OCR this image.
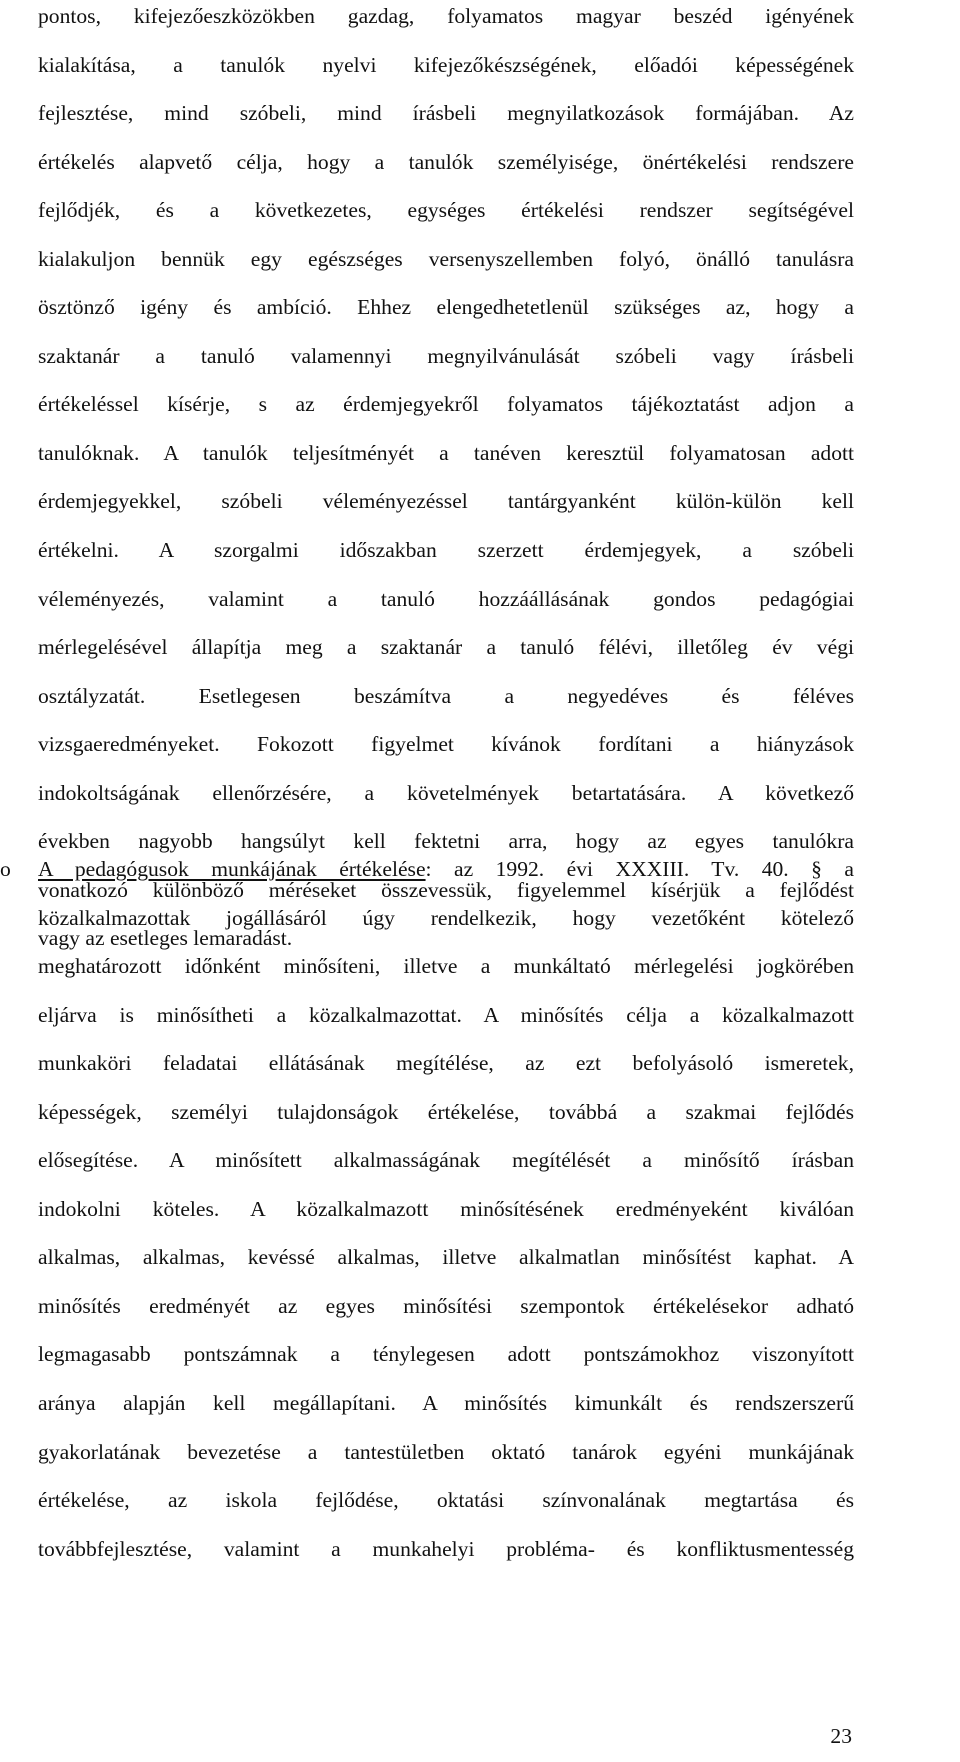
pontos, kifejezőeszközökben gazdag, folyamatos magyar beszéd igényének
kialakítása, a tanulók nyelvi kifejezőkészségének, előadói képességének
fejlesztése, mind szóbeli, mind írásbeli megnyilatkozások formájában. Az
értékelés alapvető célja, hogy a tanulók személyisége, önértékelési rendszere
fejlődjék, és a következetes, egységes értékelési rendszer segítségével
kialakuljon bennük egy egészséges versenyszellemben folyó, önálló tanulásra
ösztönző igény és ambíció. Ehhez elengedhetetlenül szükséges az, hogy a
szaktanár a tanuló valamennyi megnyilvánulását szóbeli vagy írásbeli
értékeléssel kísérje, s az érdemjegyekről folyamatos tájékoztatást adjon a
tanulóknak. A tanulók teljesítményét a tanéven keresztül folyamatosan adott
érdemjegyekkel, szóbeli véleményezéssel tantárgyanként külön-külön kell
értékelni. A szorgalmi időszakban szerzett érdemjegyek, a szóbeli
véleményezés, valamint a tanuló hozzáállásának gondos pedagógiai
mérlegelésével állapítja meg a szaktanár a tanuló félévi, illetőleg év végi
osztályzatát. Esetlegesen beszámítva a negyedéves és féléves
vizsgaeredményeket. Fokozott figyelmet kívánok fordítani a hiányzások
indokoltságának ellenőrzésére, a követelmények betartatására. A következő
években nagyobb hangsúlyt kell fektetni arra, hogy az egyes tanulókra
vonatkozó különböző méréseket összevessük, figyelemmel kísérjük a fejlődést
vagy az esetleges lemaradást.
o A pedagógusok munkájának értékelése: az 1992. évi XXXIII. Tv. 40. § a
közalkalmazottak jogállásáról úgy rendelkezik, hogy vezetőként kötelező
meghatározott időnként minősíteni, illetve a munkáltató mérlegelési jogkörében
eljárva is minősítheti a közalkalmazottat. A minősítés célja a közalkalmazott
munkaköri feladatai ellátásának megítélése, az ezt befolyásoló ismeretek,
képességek, személyi tulajdonságok értékelése, továbbá a szakmai fejlődés
elősegítése. A minősített alkalmasságának megítélését a minősítő írásban
indokolni köteles. A közalkalmazott minősítésének eredményeként kiválóan
alkalmas, alkalmas, kevéssé alkalmas, illetve alkalmatlan minősítést kaphat. A
minősítés eredményét az egyes minősítési szempontok értékelésekor adható
legmagasabb pontszámnak a ténylegesen adott pontszámokhoz viszonyított
aránya alapján kell megállapítani. A minősítés kimunkált és rendszerszerű
gyakorlatának bevezetése a tantestületben oktató tanárok egyéni munkájának
értékelése, az iskola fejlődése, oktatási színvonalának megtartása és
továbbfejlesztése, valamint a munkahelyi probléma- és konfliktusmentesség
23
